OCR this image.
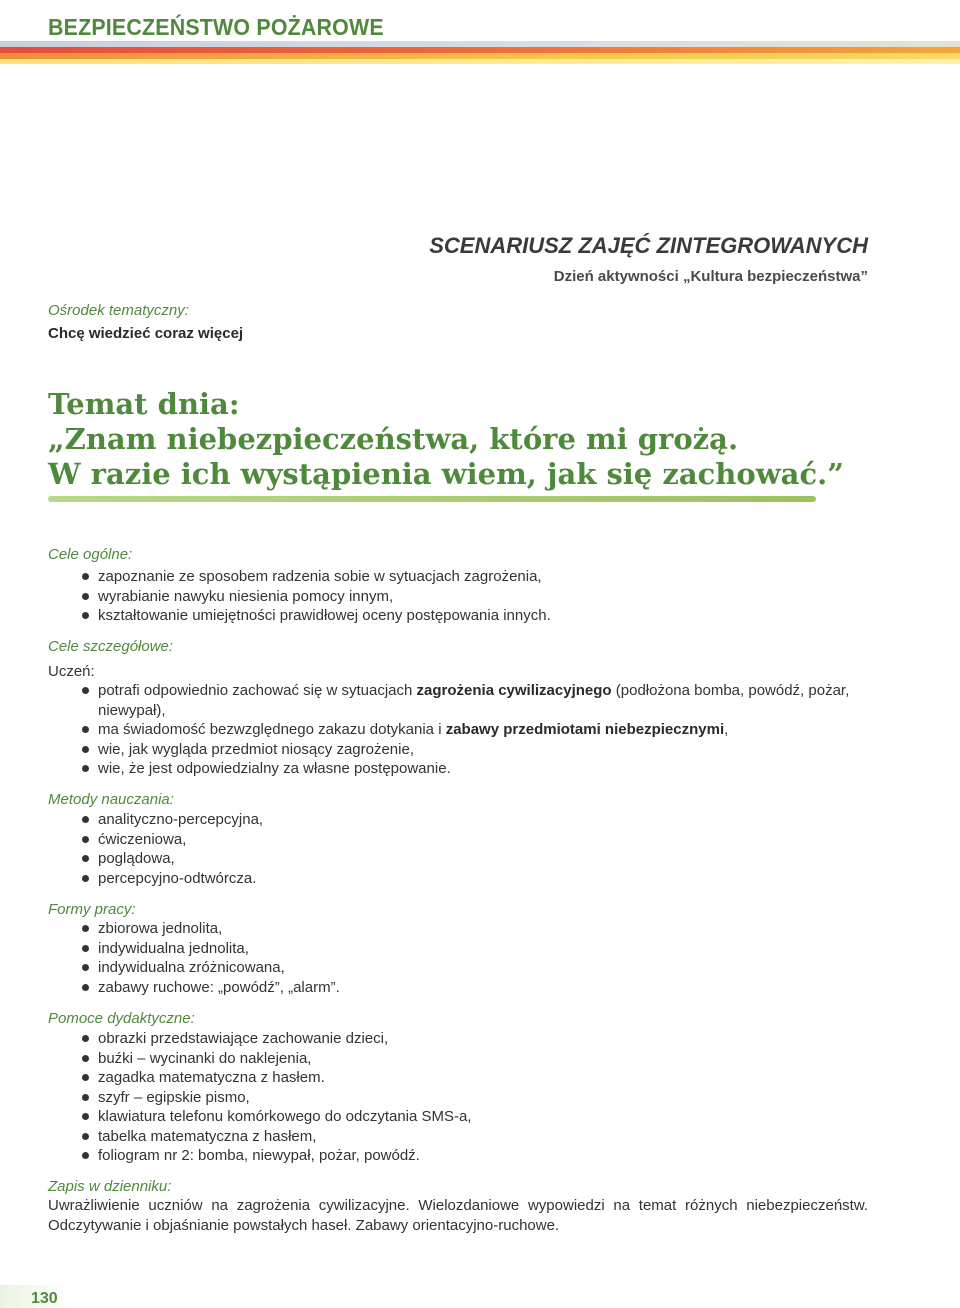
BEZPIECZEŃSTWO POŻAROWE
SCENARIUSZ ZAJĘĆ ZINTEGROWANYCH
Dzień aktywności „Kultura bezpieczeństwa”
Ośrodek tematyczny:
Chcę wiedzieć coraz więcej
Temat dnia:
„Znam niebezpieczeństwa, które mi grożą.
W razie ich wystąpienia wiem, jak się zachować.”
Cele ogólne:
zapoznanie ze sposobem radzenia sobie w sytuacjach zagrożenia,
wyrabianie nawyku niesienia pomocy innym,
kształtowanie umiejętności prawidłowej oceny postępowania innych.
Cele szczegółowe:
Uczeń:
potrafi odpowiednio zachować się w sytuacjach zagrożenia cywilizacyjnego (podłożona bomba, powódź, pożar, niewypał),
ma świadomość bezwzględnego zakazu dotykania i zabawy przedmiotami niebezpiecznymi,
wie, jak wygląda przedmiot niosący zagrożenie,
wie, że jest odpowiedzialny za własne postępowanie.
Metody nauczania:
analityczno-percepcyjna,
ćwiczeniowa,
poglądowa,
percepcyjno-odtwórcza.
Formy pracy:
zbiorowa jednolita,
indywidualna jednolita,
indywidualna zróżnicowana,
zabawy ruchowe: „powódź”, „alarm”.
Pomoce dydaktyczne:
obrazki przedstawiające zachowanie dzieci,
buźki – wycinanki do naklejenia,
zagadka matematyczna z hasłem.
szyfr – egipskie pismo,
klawiatura telefonu komórkowego do odczytania SMS-a,
tabelka matematyczna z hasłem,
foliogram nr 2: bomba, niewypał, pożar, powódź.
Zapis w dzienniku:
Uwrażliwienie uczniów na zagrożenia cywilizacyjne. Wielozdaniowe wypowiedzi na temat różnych niebezpieczeństw. Odczytywanie i objaśnianie powstałych haseł. Zabawy orientacyjno-ruchowe.
130
